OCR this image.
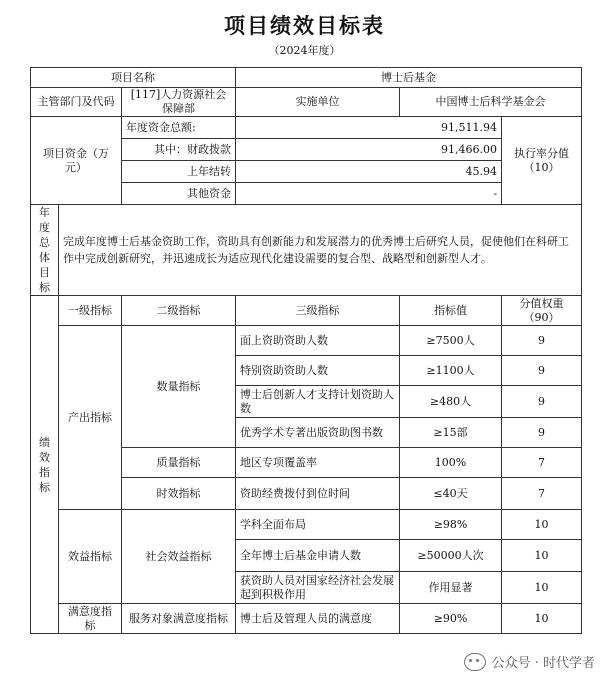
项目绩效目标表
（2024年度）
项目名称			博士后基金		
主管部门及代码		[117]人力资源社会保障部	实施单位	中国博士后科学基金会	
项目资金（万元）		年度资金总额:	91,511.94		执行率分值（10）
		其中：财政拨款	91,466.00		
		上年结转	45.94		
		其他资金	-		

年度总体目标	完成年度博士后基金资助工作，资助具有创新能力和发展潜力的优秀博士后研究人员，促使他们在科研工作中完成创新研究，并迅速成长为适应现代化建设需要的复合型、战略型和创新型人才。				

绩效指标	一级指标	二级指标	三级指标	指标值	分值权重（90）
	产出指标	数量指标	面上资助资助人数	≥7500人	9
			特别资助资助人数	≥1100人	9
			博士后创新人才支持计划资助人数	≥480人	9
			优秀学术专著出版资助图书数	≥15部	9
		质量指标	地区专项覆盖率	100%	7
		时效指标	资助经费拨付到位时间	≤40天	7
	效益指标	社会效益指标	学科全面布局	≥98%	10
			全年博士后基金申请人数	≥50000人次	10
			获资助人员对国家经济社会发展起到积极作用	作用显著	10
	满意度指标	服务对象满意度指标	博士后及管理人员的满意度	≥90%	10
公众号 · 时代学者
